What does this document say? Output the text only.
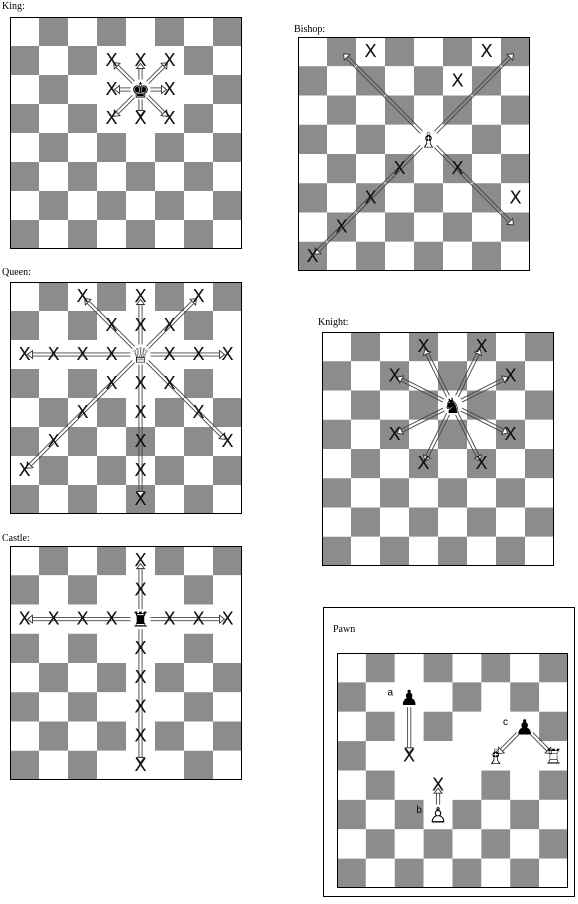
King:
Bishop:
Queen:
Knight:
Castle:
Pawn
X X X
X	X
X X X
♚
X	X
X
X	X
X	X
X
X
♗
X	X	X
X X X
X X X X	X X X
X X X
X	X	X
X	X	X
X	X
X
♕	X	X
X	X
X	X
X	X
♞
X
X
X X X X	X X X
X
X
X
X
X
♜
X
X
♟
♙
♟
♗ ♖
a
b
c
